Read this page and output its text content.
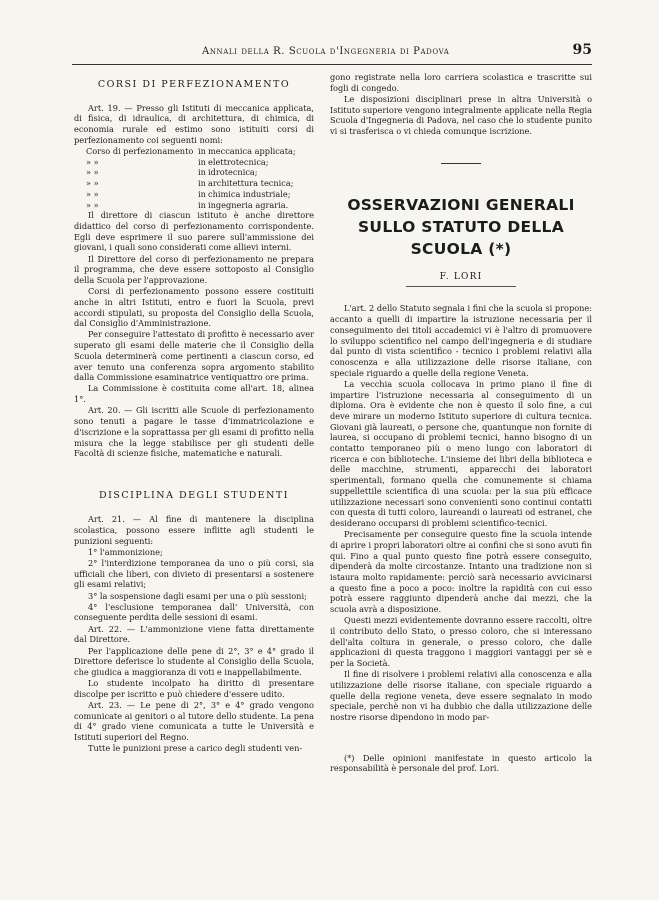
Annali della R. Scuola d'Ingegneria di Padova	95
CORSI DI PERFEZIONAMENTO

Art. 19. — Presso gli Istituti di meccanica applicata, di fisica, di idraulica, di architettura, di chimica, di economia rurale ed estimo sono istituiti corsi di perfezionamento coi seguenti nomi:

Corso di perfezionamento in meccanica applicata;
» »	in elettrotecnica;
» »	in idrotecnica;
» »	in architettura tecnica;
» »	in chimica industriale;
» »	in ingegneria agraria.

Il direttore di ciascun istituto è anche direttore didattico del corso di perfezionamento corrispondente. Egli deve esprimere il suo parere sull'ammissione dei giovani, i quali sono considerati come allievi interni.

Il Direttore del corso di perfezionamento ne prepara il programma, che deve essere sottoposto al Consiglio della Scuola per l'approvazione.

Corsi di perfezionamento possono essere costituiti anche in altri Istituti, entro e fuori la Scuola, previ accordi stipulati, su proposta del Consiglio della Scuola, dal Consiglio d'Amministrazione.

Per conseguire l'attestato di profitto è necessario aver superato gli esami delle materie che il Consiglio della Scuola determinerà come pertinenti a ciascun corso, ed aver tenuto una conferenza sopra argomento stabilito dalla Commissione esaminatrice ventiquattro ore prima.

La Commissione è costituita come all'art. 18, alinea 1°.

Art. 20. — Gli iscritti alle Scuole di perfezionamento sono tenuti a pagare le tasse d'immatricolazione e d'iscrizione e la soprattassa per gli esami di profitto nella misura che la legge stabilisce per gli studenti delle Facoltà di scienze fisiche, matematiche e naturali.

DISCIPLINA DEGLI STUDENTI

Art. 21. — Al fine di mantenere la disciplina scolastica, possono essere inflitte agli studenti le punizioni seguenti:

1° l'ammonizione;

2° l'interdizione temporanea da uno o più corsi, sia ufficiali che liberi, con divieto di presentarsi a sostenere gli esami relativi;

3° la sospensione dagli esami per una o più sessioni;

4° l'esclusione temporanea dall' Università, con conseguente perdita delle sessioni di esami.

Art. 22. — L'ammonizione viene fatta direttamente dal Direttore.

Per l'applicazione delle pene di 2°, 3° e 4° grado il Direttore deferisce lo studente al Consiglio della Scuola, che giudica a maggioranza di voti e inappellabilmente.

Lo studente incolpato ha diritto di presentare discolpe per iscritto e può chiedere d'essere udito.

Art. 23. — Le pene di 2°, 3° e 4° grado vengono comunicate ai genitori o al tutore dello studente. La pena di 4° grado viene comunicata a tutte le Università e Istituti superiori del Regno.

Tutte le punizioni prese a carico degli studenti ven-

gono registrate nella loro carriera scolastica e trascritte sui fogli di congedo.

Le disposizioni disciplinari prese in altra Università o Istituto superiore vengono integralmente applicate nella Regia Scuola d'Ingegneria di Padova, nel caso che lo studente punito vi si trasferisca o vi chieda comunque iscrizione.

OSSERVAZIONI GENERALI
SULLO STATUTO DELLA SCUOLA (*)
F. LORI

L'art. 2 dello Statuto segnala i fini che la scuola si propone: accanto a quelli di impartire la istruzione necessaria per il conseguimento dei titoli accademici vi è l'altro di promuovere lo sviluppo scientifico nel campo dell'ingegneria e di studiare dal punto di vista scientifico - tecnico i problemi relativi alla conoscenza e alla utilizzazione delle risorse italiane, con speciale riguardo a quelle della regione Veneta.

La vecchia scuola collocava in primo piano il fine di impartire l'istruzione necessaria al conseguimento di un diploma. Ora è evidente che non è questo il solo fine, a cui deve mirare un moderno Istituto superiore di cultura tecnica. Giovani già laureati, o persone che, quantunque non fornite di laurea, si occupano di problemi tecnici, hanno bisogno di un contatto temporaneo più o meno lungo con laboratori di ricerca e con biblioteche. L'insieme dei libri della biblioteca e delle macchine, strumenti, apparecchi dei laboratori sperimentali, formano quella che comunemente si chiama suppellettile scientifica di una scuola: per la sua più efficace utilizzazione necessari sono convenienti sono continui contatti con questa di tutti coloro, laureandi o laureati od estranei, che desiderano occuparsi di problemi scientifico-tecnici.

Precisamente per conseguire questo fine la scuola intende di aprire i propri laboratori oltre ai confini che si sono avuti fin qui. Fino a qual punto questo fine potrà essere conseguito, dipenderà da molte circostanze. Intanto una tradizione non si istaura molto rapidamente: perciò sarà necessario avvicinarsi a questo fine a poco a poco: inoltre la rapidità con cui esso potrà essere raggiunto dipenderà anche dai mezzi, che la scuola avrà a disposizione.

Questi mezzi evidentemente dovranno essere raccolti, oltre il contributo dello Stato, o presso coloro, che si interessano dell'alta coltura in generale, o presso coloro, che dalle applicazioni di questa traggono i maggiori vantaggi per sè e per la Società.

Il fine di risolvere i problemi relativi alla conoscenza e alla utilizzazione delle risorse italiane, con speciale riguardo a quelle della regione veneta, deve essere segnalato in modo speciale, perchè non vi ha dubbio che dalla utilizzazione delle nostre risorse dipendono in modo par-

(*) Delle opinioni manifestate in questo articolo la responsabilità è personale del prof. Lori.
